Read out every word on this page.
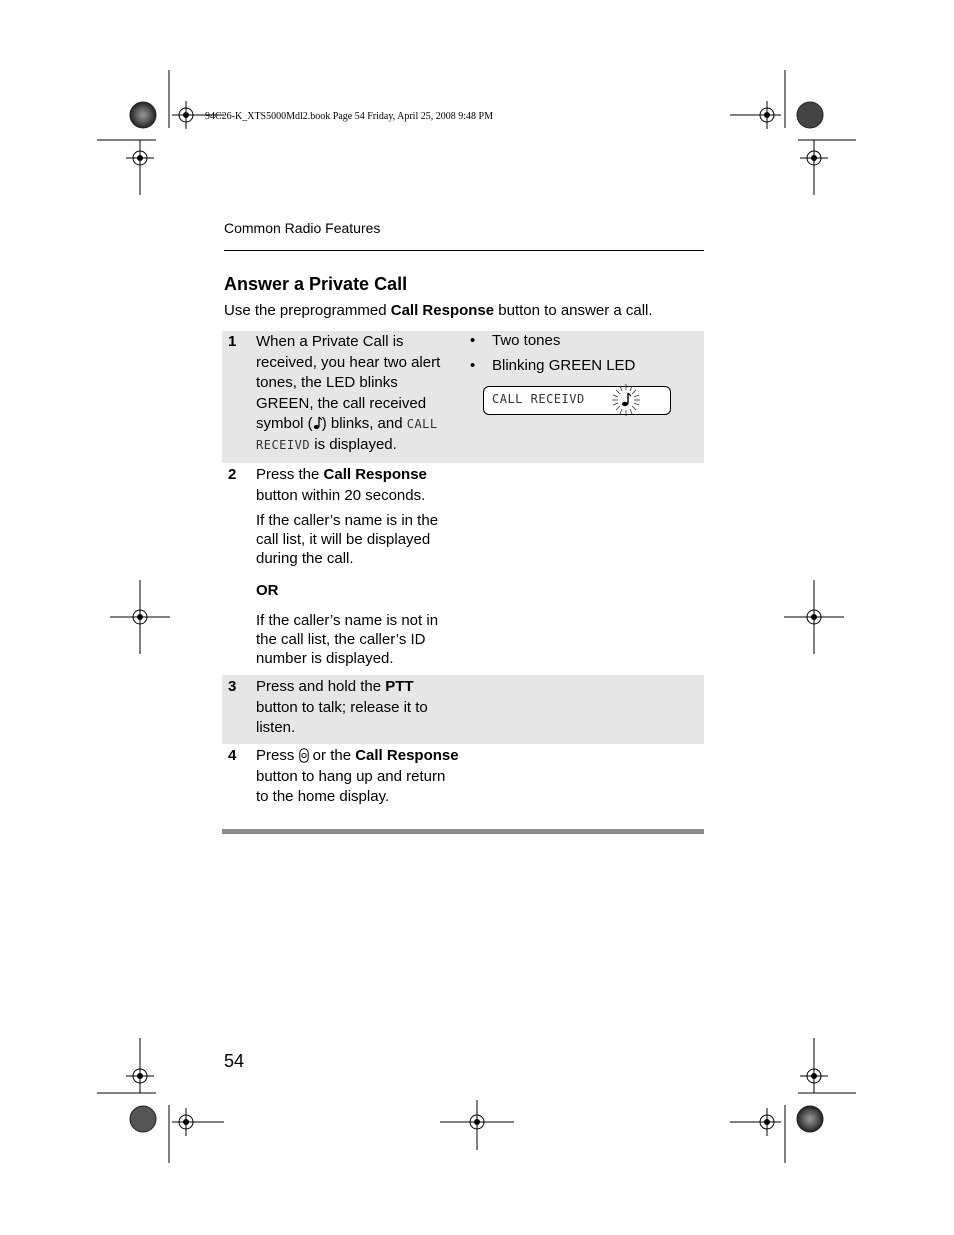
94C26-K_XTS5000Mdl2.book Page 54 Friday, April 25, 2008 9:48 PM
Common Radio Features
Answer a Private Call
Use the preprogrammed Call Response button to answer a call.
1 When a Private Call is received, you hear two alert tones, the LED blinks GREEN, the call received symbol ( ) blinks, and CALL RECEIVD is displayed.
• Two tones
• Blinking GREEN LED
CALL RECEIVD
2 Press the Call Response button within 20 seconds.

If the caller’s name is in the call list, it will be displayed during the call.
OR
If the caller’s name is not in the call list, the caller’s ID number is displayed.
3 Press and hold the PTT button to talk; release it to listen.
4 Press  or the Call Response button to hang up and return to the home display.
54
